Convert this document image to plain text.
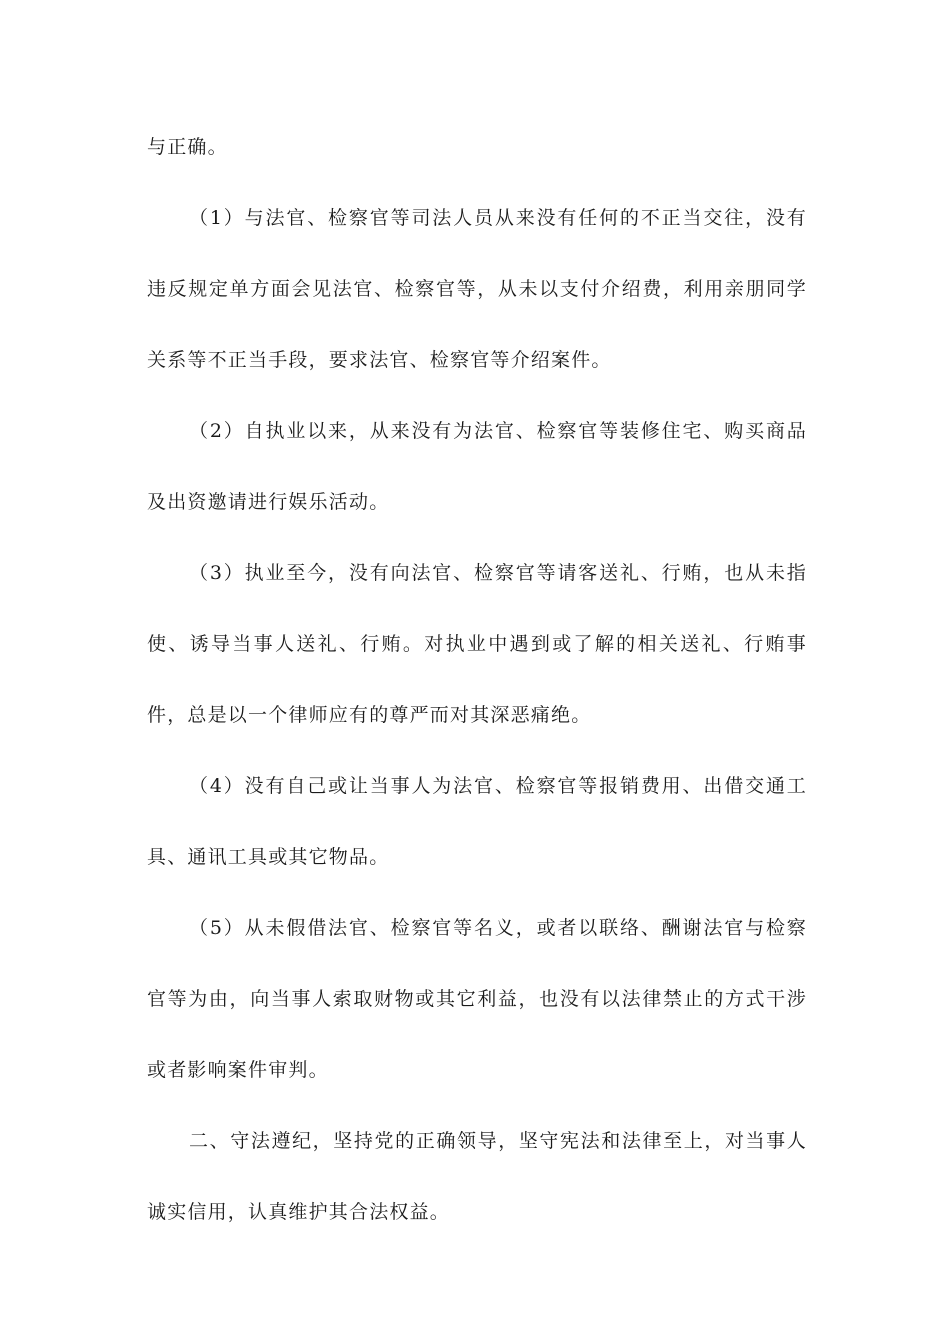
与正确。

（1）与法官、检察官等司法人员从来没有任何的不正当交往，没有违反规定单方面会见法官、检察官等，从未以支付介绍费，利用亲朋同学关系等不正当手段，要求法官、检察官等介绍案件。

（2）自执业以来，从来没有为法官、检察官等装修住宅、购买商品及出资邀请进行娱乐活动。

（3）执业至今，没有向法官、检察官等请客送礼、行贿，也从未指使、诱导当事人送礼、行贿。对执业中遇到或了解的相关送礼、行贿事件，总是以一个律师应有的尊严而对其深恶痛绝。

（4）没有自己或让当事人为法官、检察官等报销费用、出借交通工具、通讯工具或其它物品。

（5）从未假借法官、检察官等名义，或者以联络、酬谢法官与检察官等为由，向当事人索取财物或其它利益，也没有以法律禁止的方式干涉或者影响案件审判。

二、守法遵纪，坚持党的正确领导，坚守宪法和法律至上，对当事人诚实信用，认真维护其合法权益。
